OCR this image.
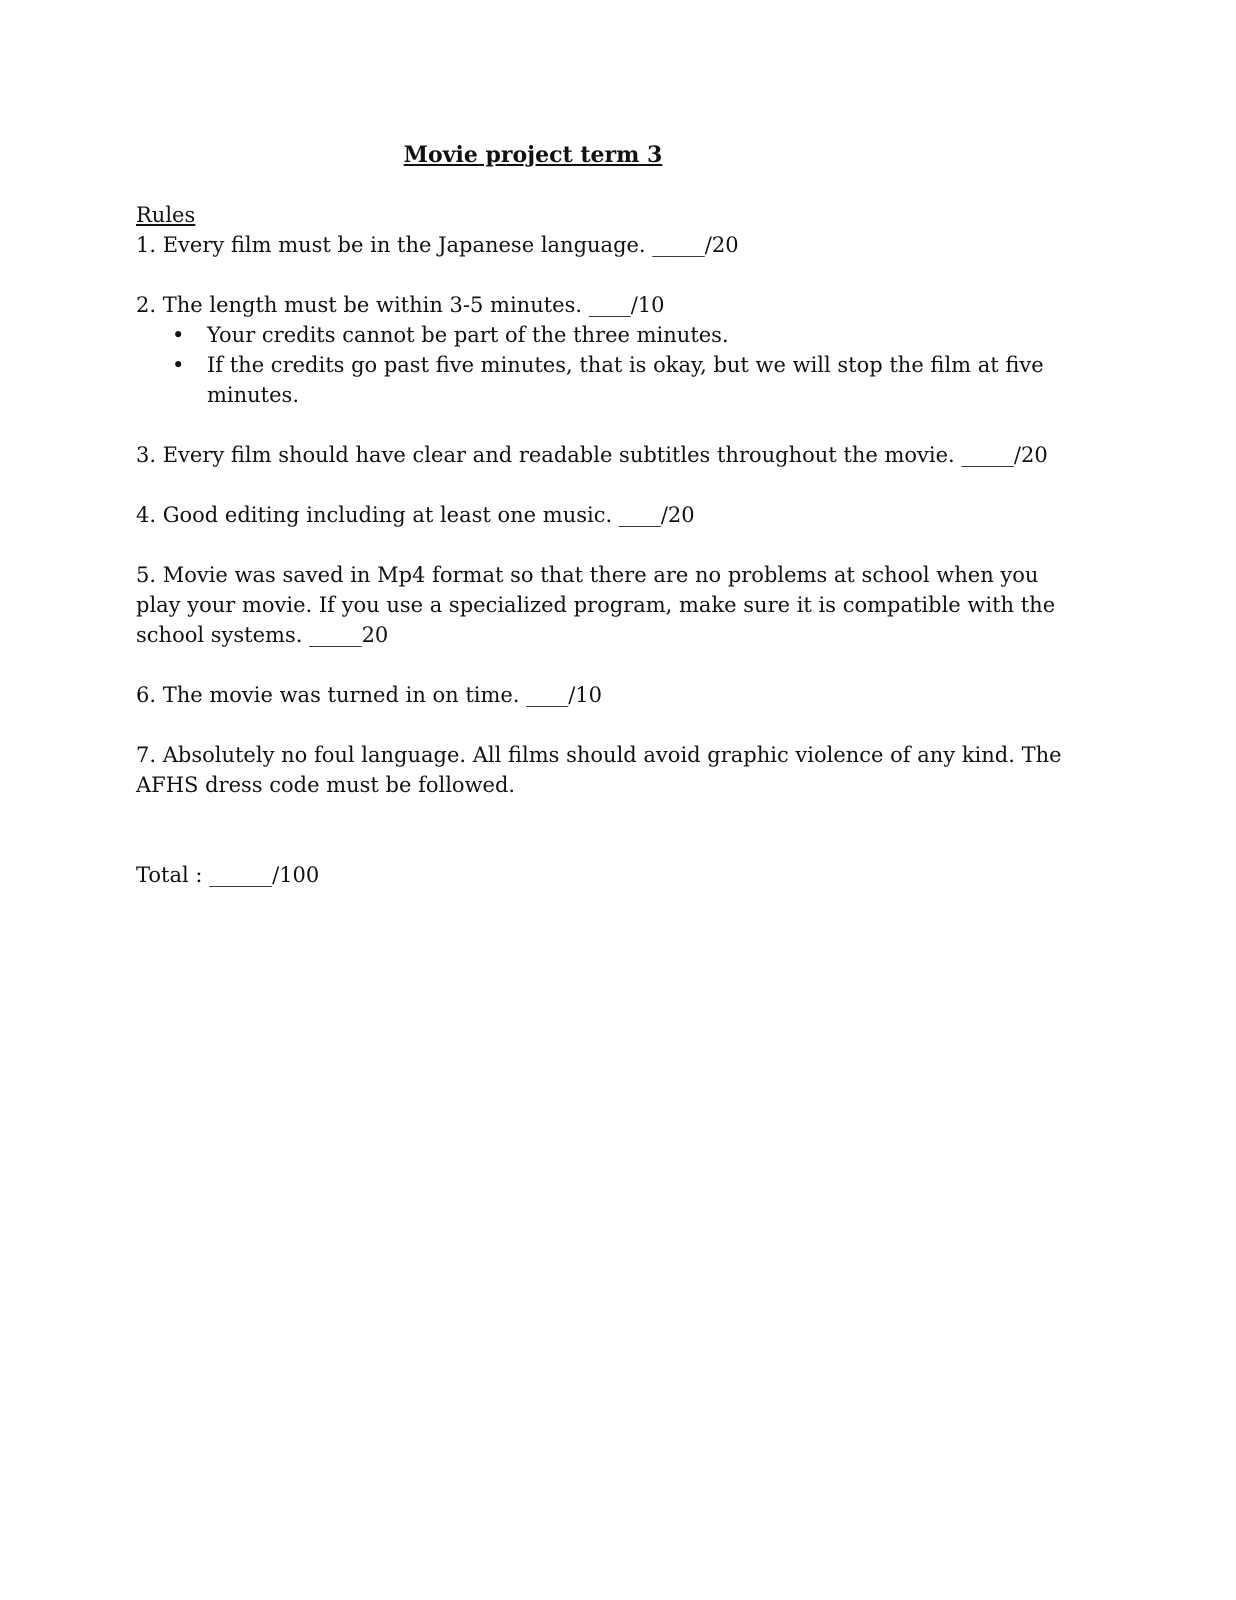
Movie project term 3

Rules

1. Every film must be in the Japanese language. _____/20

2. The length must be within 3-5 minutes. ____/10

• Your credits cannot be part of the three minutes.
• If the credits go past five minutes, that is okay, but we will stop the film at five minutes.

3. Every film should have clear and readable subtitles throughout the movie. _____/20

4. Good editing including at least one music. ____/20

5. Movie was saved in Mp4 format so that there are no problems at school when you play your movie. If you use a specialized program, make sure it is compatible with the school systems. _____20

6. The movie was turned in on time. ____/10

7. Absolutely no foul language. All films should avoid graphic violence of any kind. The AFHS dress code must be followed.

Total : ______/100
